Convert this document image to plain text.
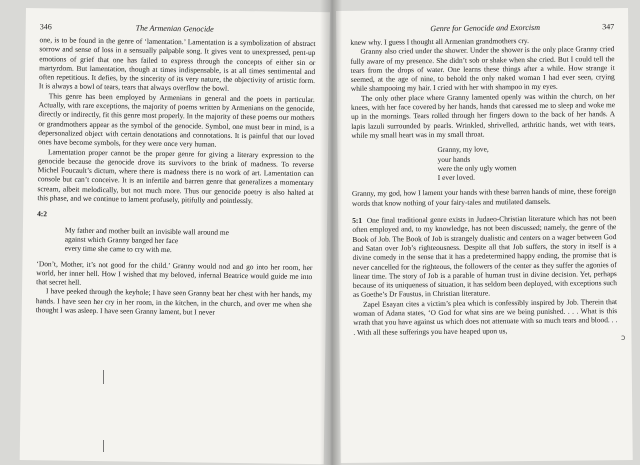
346	The Armenian Genocide

one, is to be found in the genre of ‘lamentation.’ Lamentation is a symbolization of abstract sorrow and sense of loss in a sensually palpable song. It gives vent to unexpressed, pent-up emotions of grief that one has failed to express through the concepts of either sin or martyrdom. But lamentation, though at times indispensable, is at all times sentimental and often repetitious. It defies, by the sincerity of its very nature, the objectivity of artistic form. It is always a bowl of tears, tears that always overflow the bowl.

This genre has been employed by Armenians in general and the poets in particular. Actually, with rare exceptions, the majority of poems written by Armenians on the genocide, directly or indirectly, fit this genre most properly. In the majority of these poems our mothers or grandmothers appear as the symbol of the genocide. Symbol, one must bear in mind, is a depersonalized object with certain denotations and connotations. It is painful that our loved ones have become symbols, for they were once very human.

Lamentation proper cannot be the proper genre for giving a literary expression to the genocide because the genocide drove its survivors to the brink of madness. To reverse Michel Foucault’s dictum, where there is madness there is no work of art. Lamentation can console but can’t conceive. It is an infertile and barren genre that generalizes a momentary scream, albeit melodically, but not much more. Thus our genocide poetry is also halted at this phase, and we continue to lament profusely, pitifully and pointlessly.

4:2
My father and mother built an invisible wall around me
against which Granny banged her face
every time she came to cry with me.

‘Don’t, Mother, it’s not good for the child.’ Granny would nod and go into her room, her world, her inner hell. How I wished that my beloved, infernal Beatrice would guide me into that secret hell.

I have peeked through the keyhole; I have seen Granny beat her chest with her hands, my hands. I have seen her cry in her room, in the kitchen, in the church, and over me when she thought I was asleep. I have seen Granny lament, but I never

Genre for Genocide and Exorcism	347

knew why. I guess I thought all Armenian grandmothers cry.

Granny also cried under the shower. Under the shower is the only place Granny cried fully aware of my presence. She didn’t sob or shake when she cried. But I could tell the tears from the drops of water. One learns these things after a while. How strange it seemed, at the age of nine, to behold the only naked woman I had ever seen, crying while shampooing my hair. I cried with her with shampoo in my eyes.

The only other place where Granny lamented openly was within the church, on her knees, with her face covered by her hands, hands that caressed me to sleep and woke me up in the mornings. Tears rolled through her fingers down to the back of her hands. A lapis lazuli surrounded by pearls. Wrinkled, shrivelled, arthritic hands, wet with tears, while my small heart was in my small throat.

Granny, my love,
your hands
were the only ugly women
I ever loved.

Granny, my god, how I lament your hands with these barren hands of mine, these foreign words that know nothing of your fairy-tales and mutilated damsels.

5:1 One final traditional genre exists in Judaeo-Christian literature which has not been often employed and, to my knowledge, has not been discussed; namely, the genre of the Book of Job. The Book of Job is strangely dualistic and centers on a wager between God and Satan over Job’s righteousness. Despite all that Job suffers, the story in itself is a divine comedy in the sense that it has a predetermined happy ending, the promise that is never cancelled for the righteous, the followers of the center as they suffer the agonies of linear time. The story of Job is a parable of human trust in divine decision. Yet, perhaps because of its uniqueness of situation, it has seldom been deployed, with exceptions such as Goethe’s Dr Faustus, in Christian literature.

Zapel Esayan cites a victim’s plea which is confessibly inspired by Job. Therein that woman of Adana states, ‘O God for what sins are we being punished. . . . What is this wrath that you have against us which does not attenuate with so much tears and blood. . . . With all these sufferings you have heaped upon us,

ↄ
